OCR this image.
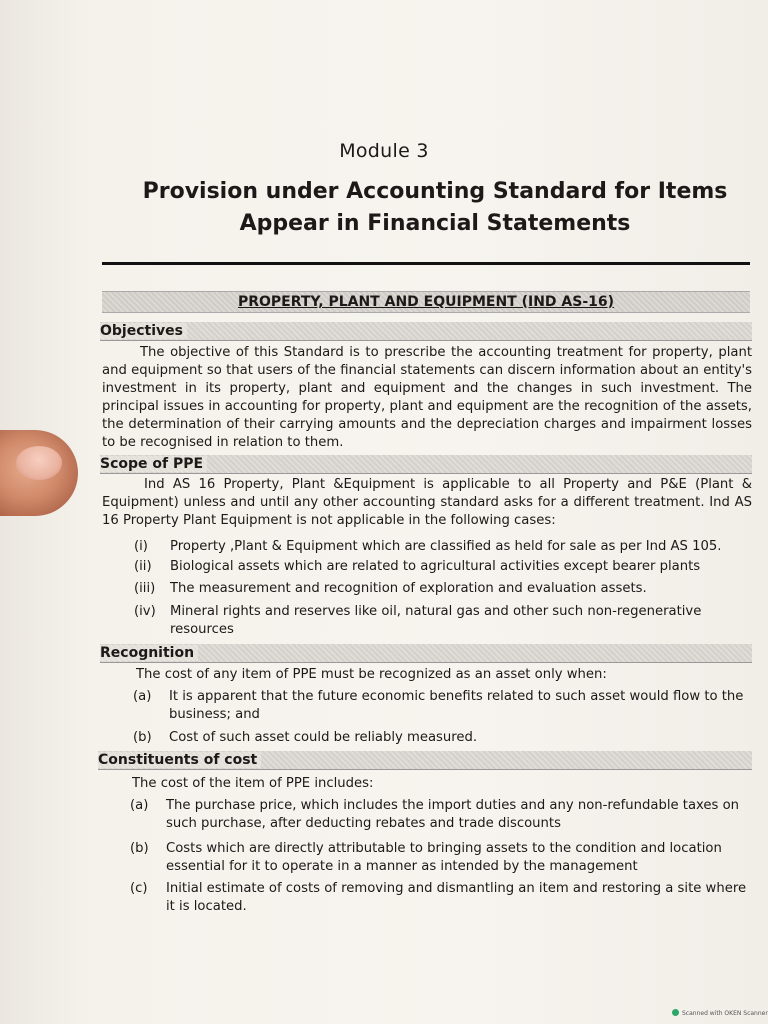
Module 3
Provision under Accounting Standard for Items
Appear in Financial Statements
PROPERTY, PLANT AND EQUIPMENT (IND AS-16)
Objectives
The objective of this Standard is to prescribe the accounting treatment for property, plant and equipment so that users of the financial statements can discern information about an entity's investment in its property, plant and equipment and the changes in such investment. The principal issues in accounting for property, plant and equipment are the recognition of the assets, the determination of their carrying amounts and the depreciation charges and impairment losses to be recognised in relation to them.
Scope of PPE
Ind AS 16 Property, Plant &Equipment is applicable to all Property and P&E (Plant & Equipment) unless and until any other accounting standard asks for a different treatment. Ind AS 16 Property Plant Equipment is not applicable in the following cases:
(i)	Property ,Plant & Equipment which are classified as held for sale as per Ind AS 105.
(ii)	Biological assets which are related to agricultural activities except bearer plants
(iii)	The measurement and recognition of exploration and evaluation assets.
(iv)	Mineral rights and reserves like oil, natural gas and other such non-regenerative resources
Recognition
The cost of any item of PPE must be recognized as an asset only when:
(a)	It is apparent that the future economic benefits related to such asset would flow to the business; and
(b)	Cost of such asset could be reliably measured.
Constituents of cost
The cost of the item of PPE includes:
(a)	The purchase price, which includes the import duties and any non-refundable taxes on such purchase, after deducting rebates and trade discounts
(b)	Costs which are directly attributable to bringing assets to the condition and location essential for it to operate in a manner as intended by the management
(c)	Initial estimate of costs of removing and dismantling an item and restoring a site where it is located.
Scanned with OKEN Scanner
